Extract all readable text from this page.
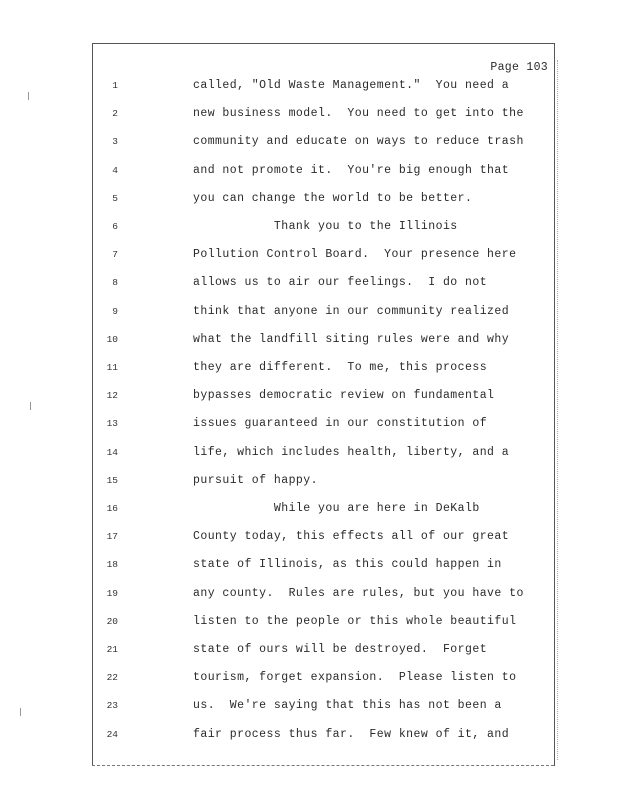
Page 103
1	called, "Old Waste Management."  You need a
2	new business model.  You need to get into the
3	community and educate on ways to reduce trash
4	and not promote it.  You're big enough that
5	you can change the world to be better.
6	Thank you to the Illinois
7	Pollution Control Board.  Your presence here
8	allows us to air our feelings.  I do not
9	think that anyone in our community realized
10	what the landfill siting rules were and why
11	they are different.  To me, this process
12	bypasses democratic review on fundamental
13	issues guaranteed in our constitution of
14	life, which includes health, liberty, and a
15	pursuit of happy.
16	While you are here in DeKalb
17	County today, this effects all of our great
18	state of Illinois, as this could happen in
19	any county.  Rules are rules, but you have to
20	listen to the people or this whole beautiful
21	state of ours will be destroyed.  Forget
22	tourism, forget expansion.  Please listen to
23	us.  We're saying that this has not been a
24	fair process thus far.  Few knew of it, and
